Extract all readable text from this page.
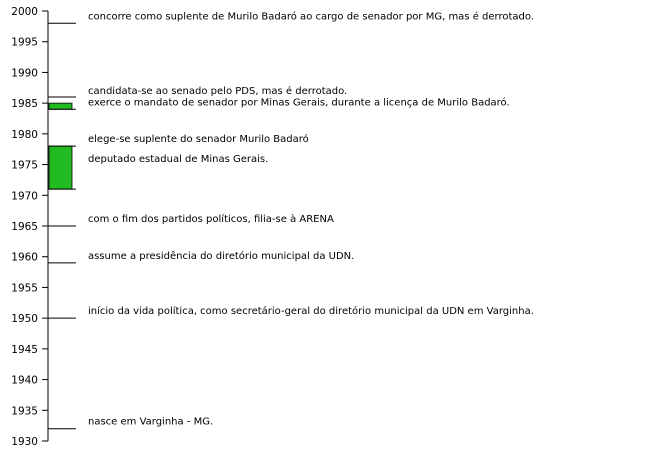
1930
1935
1940
1945
1950
1955
1960
1965
1970
1975
1980
1985
1990
1995
2000
nasce em Varginha - MG.
início da vida política, como secretário-geral do diretório municipal da UDN em Varginha.
assume a presidência do diretório municipal da UDN.
com o fim dos partidos políticos, filia-se à ARENA
deputado estadual de Minas Gerais.
elege-se suplente do senador Murilo Badaró
exerce o mandato de senador por Minas Gerais, durante a licença de Murilo Badaró.
candidata-se ao senado pelo PDS, mas é derrotado.
concorre como suplente de Murilo Badaró ao cargo de senador por MG, mas é derrotado.
